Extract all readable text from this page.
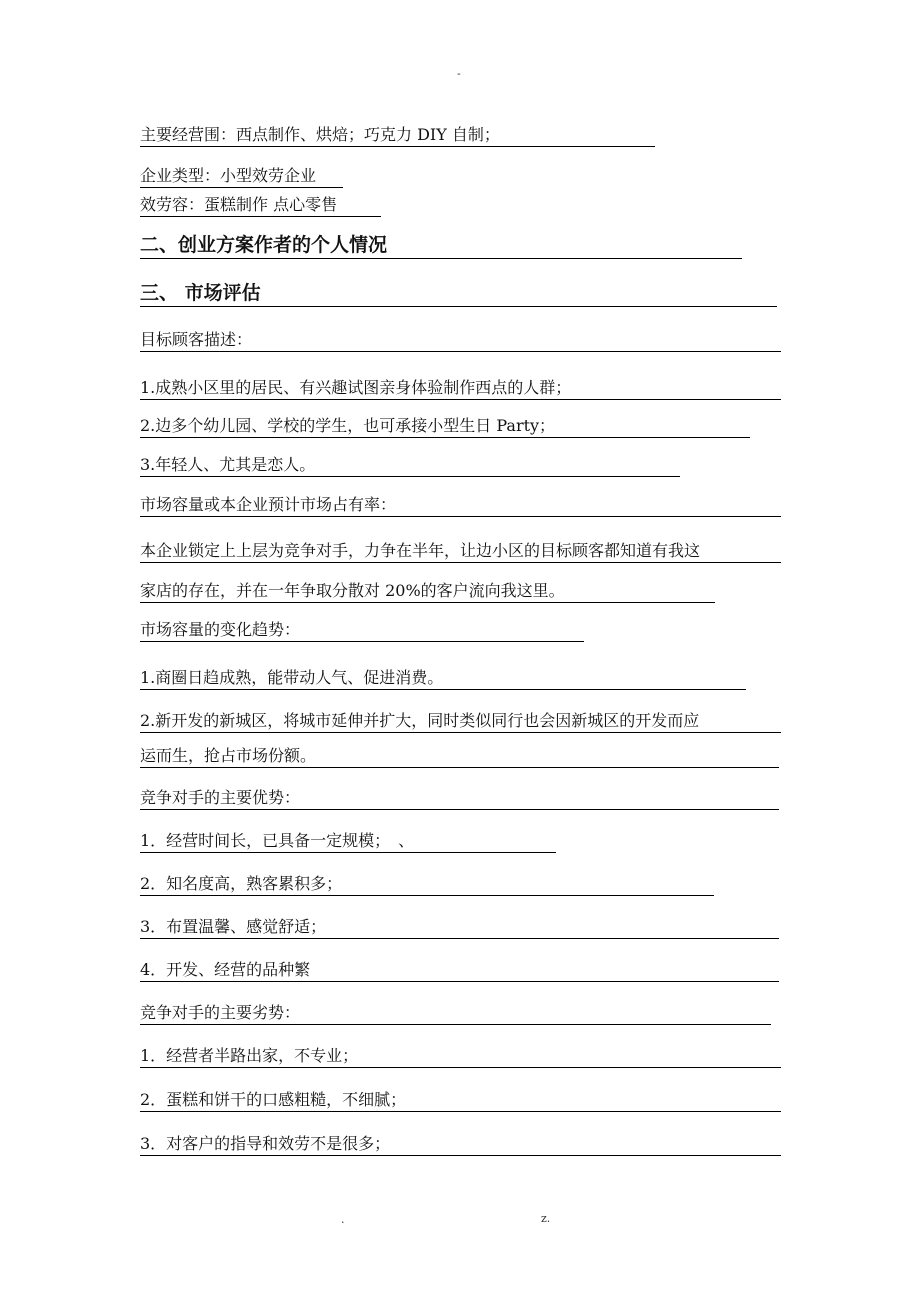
-
主要经营围：西点制作、烘焙；巧克力 DIY 自制；
企业类型：小型效劳企业
效劳容：蛋糕制作 点心零售
二、创业方案作者的个人情况
三、 市场评估
目标顾客描述：
1.成熟小区里的居民、有兴趣试图亲身体验制作西点的人群；
2.边多个幼儿园、学校的学生，也可承接小型生日 Party；
3.年轻人、尤其是恋人。
市场容量或本企业预计市场占有率：
本企业锁定上上层为竞争对手，力争在半年，让边小区的目标顾客都知道有我这
家店的存在，并在一年争取分散对 20%的客户流向我这里。
市场容量的变化趋势：
1.商圈日趋成熟，能带动人气、促进消费。
2.新开发的新城区，将城市延伸并扩大，同时类似同行也会因新城区的开发而应
运而生，抢占市场份额。
竞争对手的主要优势：
1．经营时间长，已具备一定规模；　、
2．知名度高，熟客累积多；
3．布置温馨、感觉舒适；
4．开发、经营的品种繁
竞争对手的主要劣势：
1．经营者半路出家，不专业；
2．蛋糕和饼干的口感粗糙，不细腻；
3．对客户的指导和效劳不是很多；
.	z.
